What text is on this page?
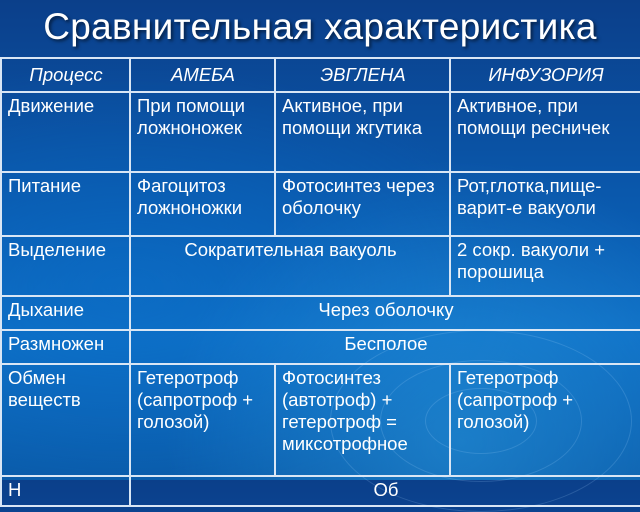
Сравнительная характеристика
Процесс	АМЕБА	ЭВГЛЕНА	ИНФУЗОРИЯ
Движение	При помощи ложноножек	Активное, при помощи жгутика	Активное, при помощи ресничек
Питание	Фагоцитоз ложноножки	Фотосинтез через оболочку	Рот,глотка,пище-варит-е вакуоли
Выделение	Сократительная вакуоль		2 сокр. вакуоли + порошица
Дыхание	Через оболочку		
Размножен	Бесполое		
Обмен веществ	Гетеротроф (сапротроф + голозой)	Фотосинтез (автотроф) + гетеротроф = миксотрофное	Гетеротроф (сапротроф + голозой)
Н	Об		
